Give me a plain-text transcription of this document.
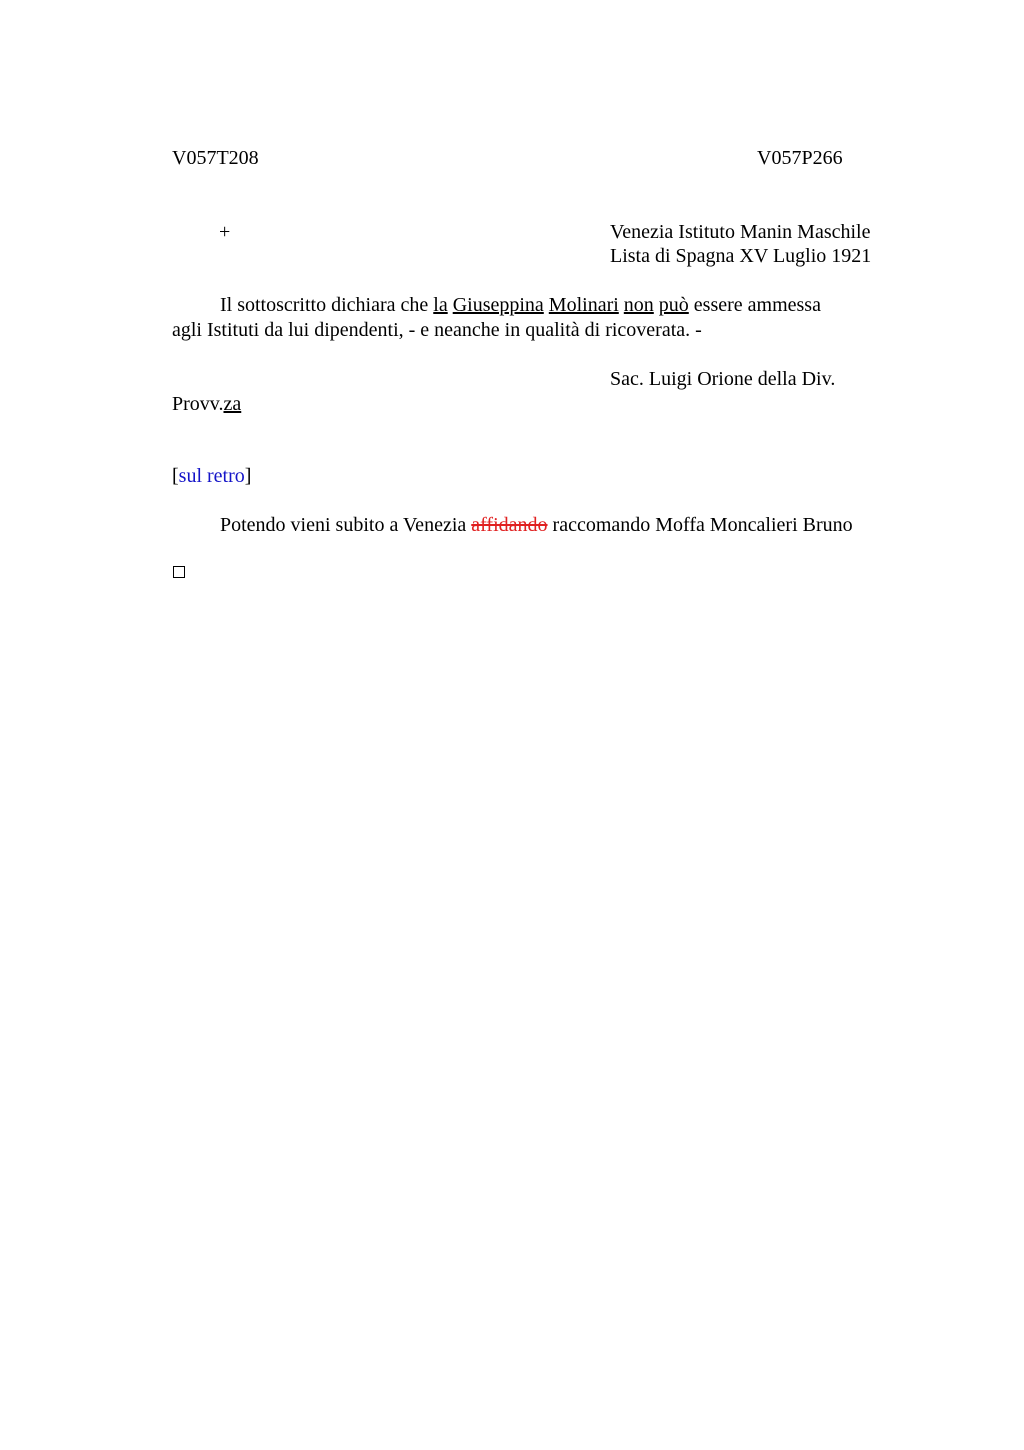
V057T208	V057P266
+	Venezia Istituto Manin Maschile
Lista di Spagna XV Luglio 1921
Il sottoscritto dichiara che la Giuseppina Molinari non può essere ammessa
agli Istituti da lui dipendenti, - e neanche in qualità di ricoverata. -
Sac. Luigi Orione della Div.
Provv.za
[sul retro]
Potendo vieni subito a Venezia affidando raccomando Moffa Moncalieri Bruno
